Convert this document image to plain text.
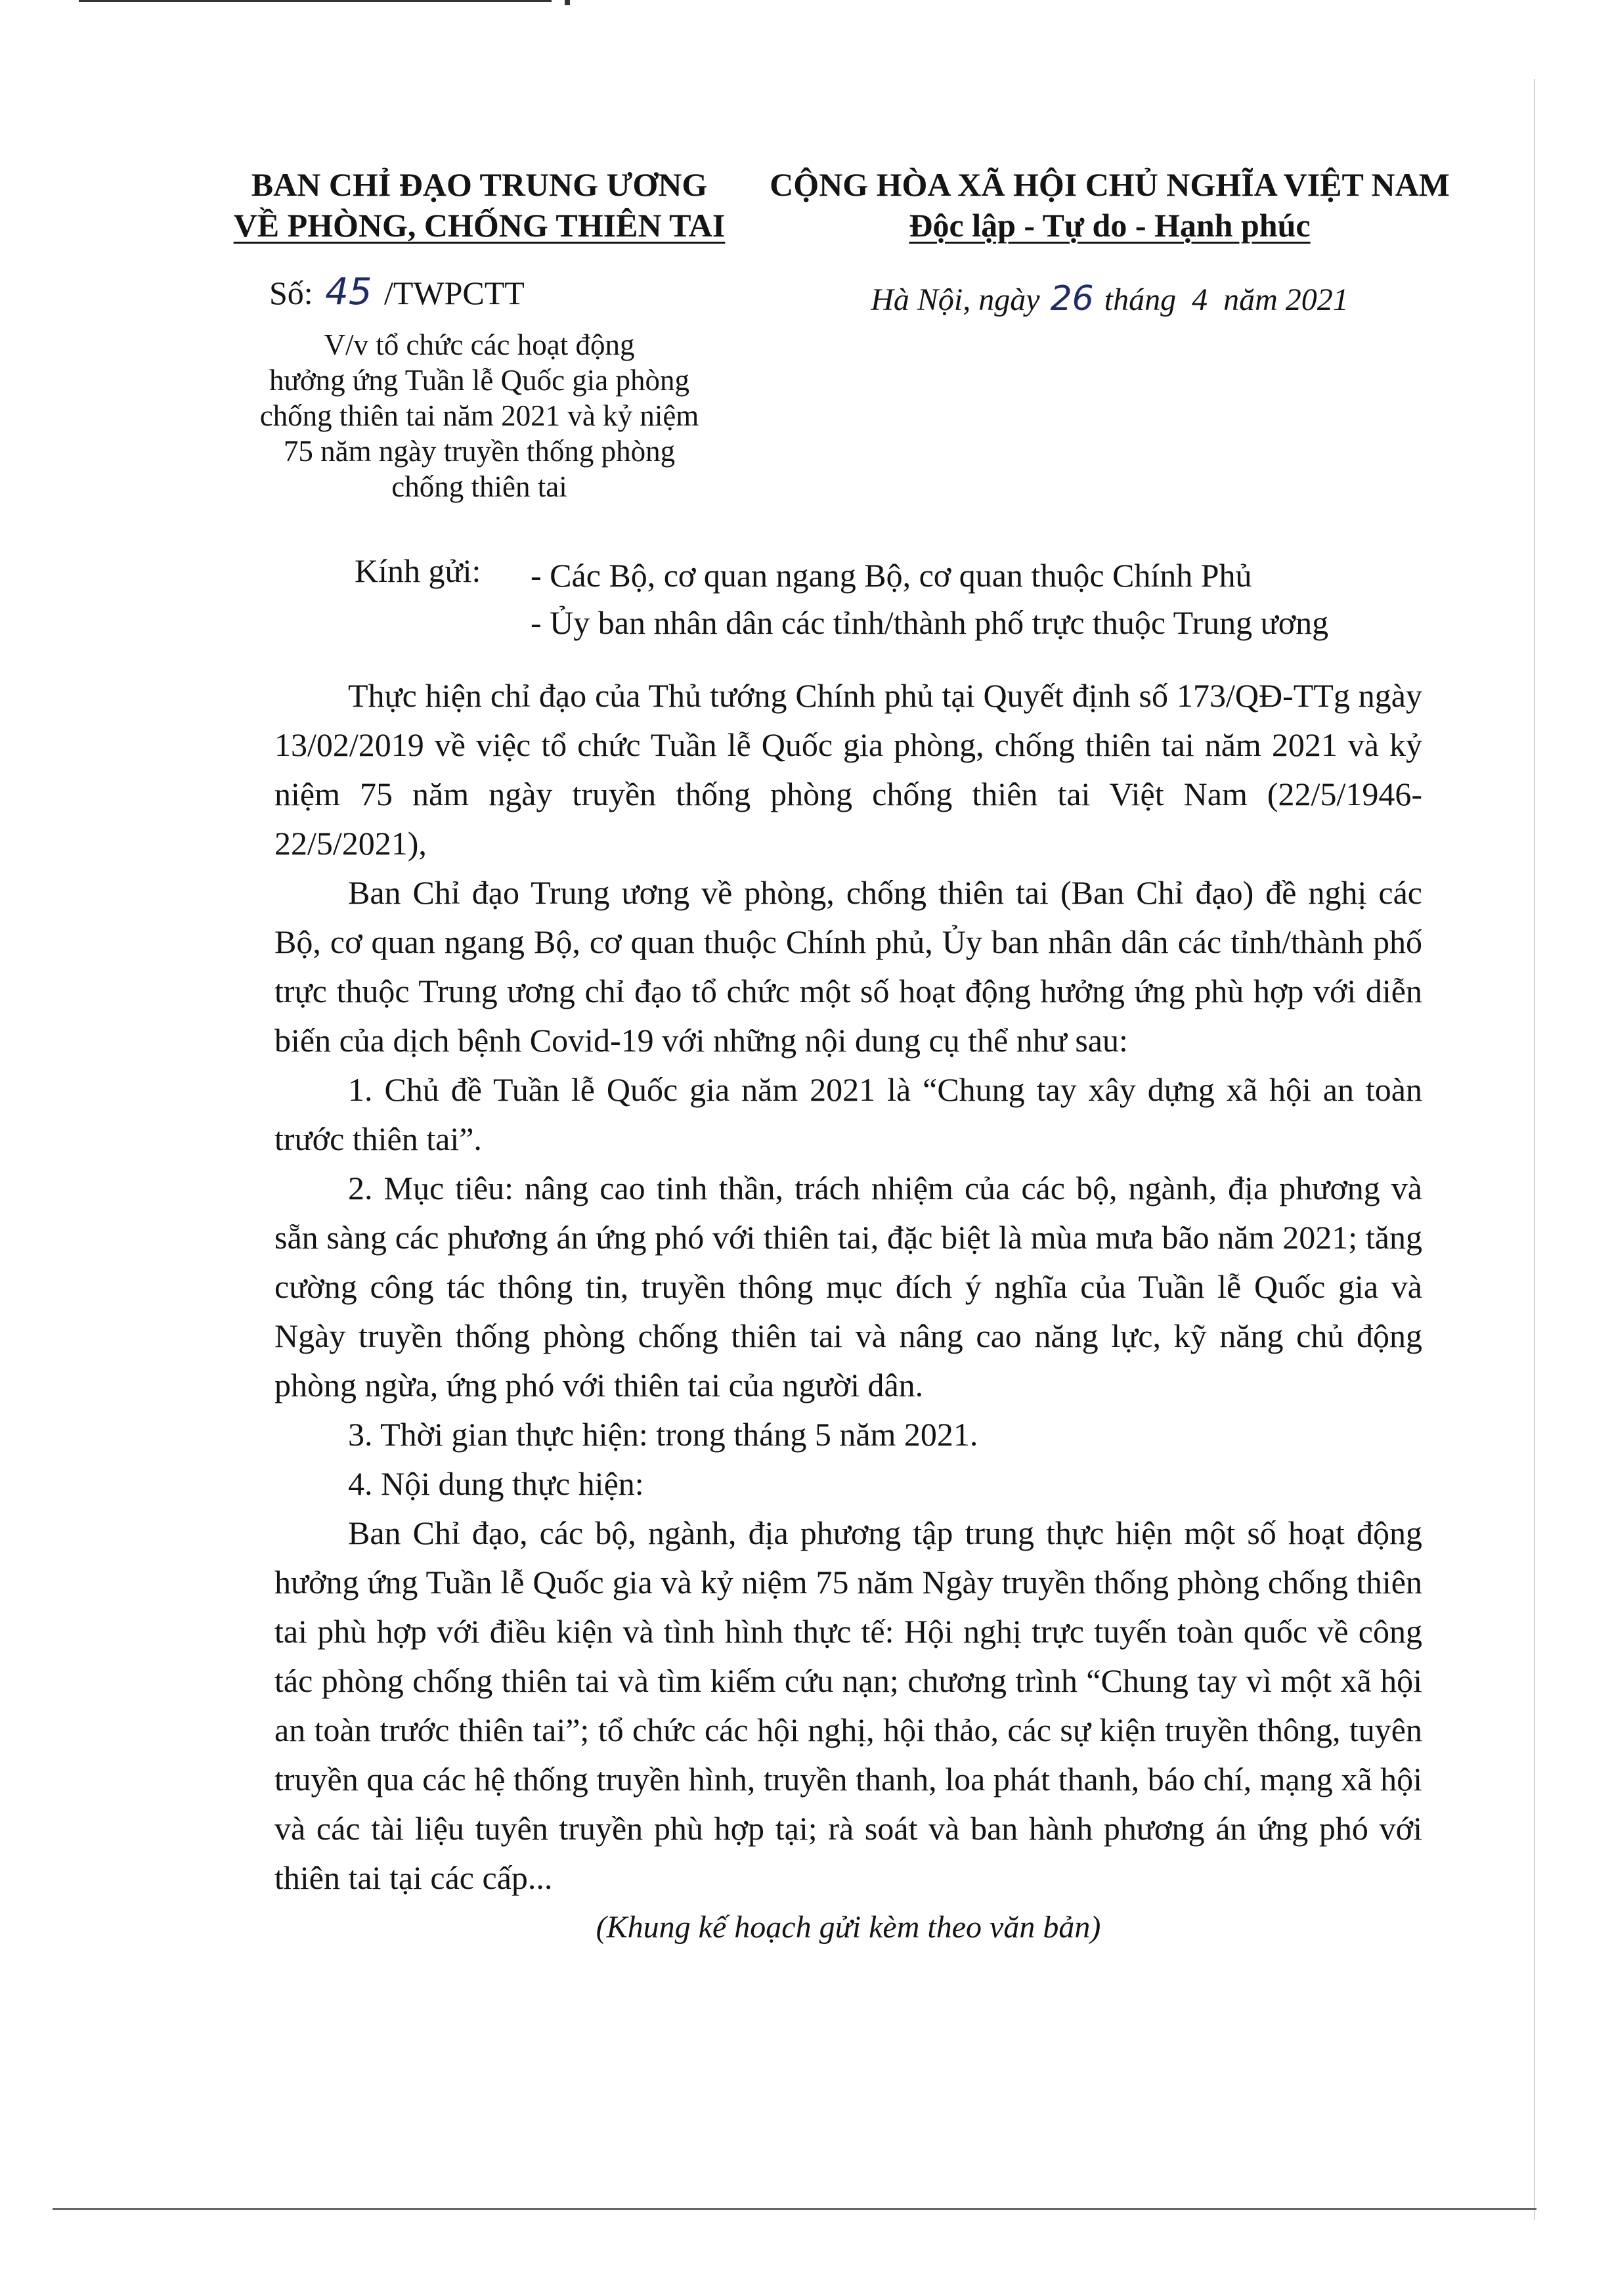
BAN CHỈ ĐẠO TRUNG ƯƠNG
VỀ PHÒNG, CHỐNG THIÊN TAI
Số: 45 /TWPCTT
V/v tổ chức các hoạt động
hưởng ứng Tuần lễ Quốc gia phòng
chống thiên tai năm 2021 và kỷ niệm
75 năm ngày truyền thống phòng
chống thiên tai
CỘNG HÒA XÃ HỘI CHỦ NGHĨA VIỆT NAM
Độc lập - Tự do - Hạnh phúc
Hà Nội, ngày 26 tháng  4  năm 2021
Kính gửi: - Các Bộ, cơ quan ngang Bộ, cơ quan thuộc Chính Phủ
- Ủy ban nhân dân các tỉnh/thành phố trực thuộc Trung ương

Thực hiện chỉ đạo của Thủ tướng Chính phủ tại Quyết định số 173/QĐ-TTg ngày 13/02/2019 về việc tổ chức Tuần lễ Quốc gia phòng, chống thiên tai năm 2021 và kỷ niệm 75 năm ngày truyền thống phòng chống thiên tai Việt Nam (22/5/1946-22/5/2021),

Ban Chỉ đạo Trung ương về phòng, chống thiên tai (Ban Chỉ đạo) đề nghị các Bộ, cơ quan ngang Bộ, cơ quan thuộc Chính phủ, Ủy ban nhân dân các tỉnh/thành phố trực thuộc Trung ương chỉ đạo tổ chức một số hoạt động hưởng ứng phù hợp với diễn biến của dịch bệnh Covid-19 với những nội dung cụ thể như sau:

1. Chủ đề Tuần lễ Quốc gia năm 2021 là “Chung tay xây dựng xã hội an toàn trước thiên tai”.

2. Mục tiêu: nâng cao tinh thần, trách nhiệm của các bộ, ngành, địa phương và sẵn sàng các phương án ứng phó với thiên tai, đặc biệt là mùa mưa bão năm 2021; tăng cường công tác thông tin, truyền thông mục đích ý nghĩa của Tuần lễ Quốc gia và Ngày truyền thống phòng chống thiên tai và nâng cao năng lực, kỹ năng chủ động phòng ngừa, ứng phó với thiên tai của người dân.

3. Thời gian thực hiện: trong tháng 5 năm 2021.

4. Nội dung thực hiện:

Ban Chỉ đạo, các bộ, ngành, địa phương tập trung thực hiện một số hoạt động hưởng ứng Tuần lễ Quốc gia và kỷ niệm 75 năm Ngày truyền thống phòng chống thiên tai phù hợp với điều kiện và tình hình thực tế: Hội nghị trực tuyến toàn quốc về công tác phòng chống thiên tai và tìm kiếm cứu nạn; chương trình “Chung tay vì một xã hội an toàn trước thiên tai”; tổ chức các hội nghị, hội thảo, các sự kiện truyền thông, tuyên truyền qua các hệ thống truyền hình, truyền thanh, loa phát thanh, báo chí, mạng xã hội và các tài liệu tuyên truyền phù hợp tại; rà soát và ban hành phương án ứng phó với thiên tai tại các cấp...

(Khung kế hoạch gửi kèm theo văn bản)
